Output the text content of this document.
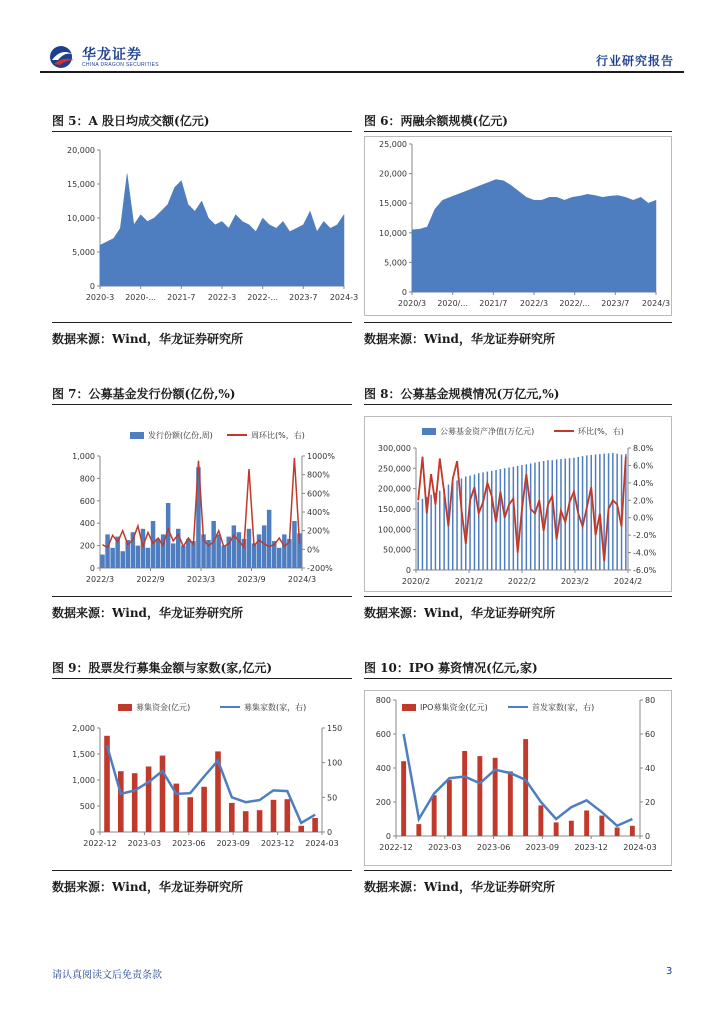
华龙证券
CHINA DRAGON SECURITIES	行业研究报告
图 5：A 股日均成交额(亿元)
20,000
15,000
10,000
5,000
0
2020-3 2020-... 2021-7 2022-3 2022-... 2023-7 2024-3
数据来源：Wind，华龙证券研究所
图 6：两融余额规模(亿元)
25,000
20,000
15,000
10,000
5,000
0
2020/3 2020/... 2021/7 2022/3 2022/... 2023/7 2024/3
数据来源：Wind，华龙证券研究所
图 7：公募基金发行份额(亿份,%)
发行份额(亿份,周)	周环比(%，右)
1,000
800
600
400
200
0
1000%
800%
600%
400%
200%
0%
-200%
2022/3	2022/9	2023/3	2023/9	2024/3
数据来源：Wind，华龙证券研究所
图 8：公募基金规模情况(万亿元,%)
公募基金资产净值(万亿元)	环比(%，右)
300,000
250,000
200,000
150,000
100,000
50,000
0
8.0%
6.0%
4.0%
2.0%
0.0%
-2.0%
-4.0%
-6.0%
2020/2	2021/2	2022/2	2023/2	2024/2
数据来源：Wind，华龙证券研究所
图 9：股票发行募集金额与家数(家,亿元)
募集资金(亿元)	募集家数(家，右)
2,000
1,500
1,000
500
0
150
100
50
0
2022-12 2023-03 2023-06 2023-09 2023-12 2024-03
数据来源：Wind，华龙证券研究所
图 10：IPO 募资情况(亿元,家)
IPO募集资金(亿元)	首发家数(家，右)
800
600
400
200
0
80
60
40
20
0
2022-12 2023-03 2023-06 2023-09 2023-12 2024-03
数据来源：Wind，华龙证券研究所
请认真阅读文后免责条款	3
